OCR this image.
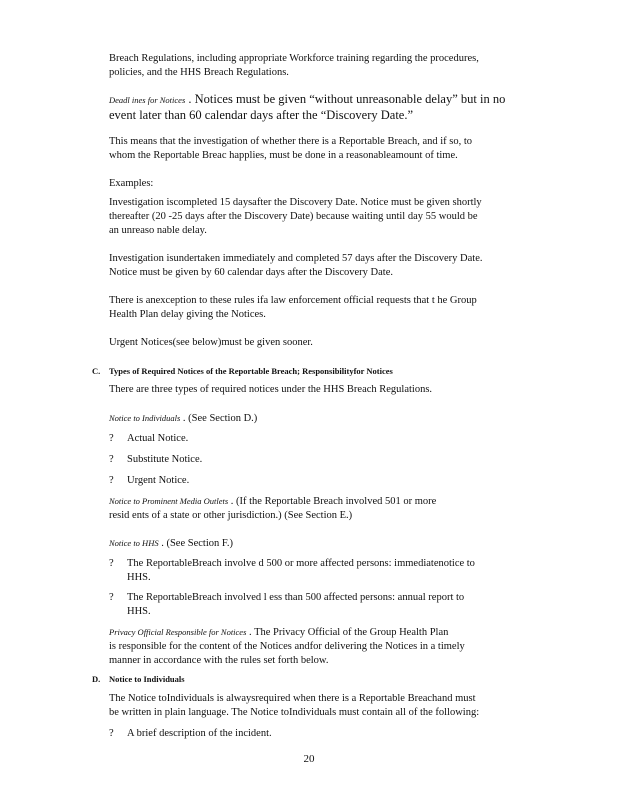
Breach Regulations, including appropriate Workforce training regarding the procedures,
policies, and the HHS Breach Regulations.

Deadl ines for Notices . Notices must be given “without unreasonable delay” but in no
event later than 60 calendar days after the “Discovery Date.”

This means that the investigation of whether there is a Reportable Breach, and if so, to
whom the Reportable Breac happlies, must be done in a reasonableamount of time.

Examples:

Investigation iscompleted 15 daysafter the Discovery Date. Notice must be given shortly
thereafter (20 -25 days after the Discovery Date) because waiting until day 55 would be
an unreaso nable delay.

Investigation isundertaken immediately and completed 57 days after the Discovery Date.
Notice must be given by 60 calendar days after the Discovery Date.

There is anexception to these rules ifa law enforcement official requests that t he Group
Health Plan delay giving the Notices.

Urgent Notices(see below)must be given sooner.

C. Types of Required Notices of the Reportable Breach; Responsibilityfor Notices

There are three types of required notices under the HHS Breach Regulations.

Notice to Individuals . (See Section D.)

? Actual Notice.
? Substitute Notice.
? Urgent Notice.

Notice to Prominent Media Outlets . (If the Reportable Breach involved 501 or more
resid ents of a state or other jurisdiction.) (See Section E.)

Notice to HHS . (See Section F.)

? The ReportableBreach involve d 500 or more affected persons: immediatenotice to
HHS.
? The ReportableBreach involved l ess than 500 affected persons: annual report to
HHS.

Privacy Official Responsible for Notices . The Privacy Official of the Group Health Plan
is responsible for the content of the Notices andfor delivering the Notices in a timely
manner in accordance with the rules set forth below.

D. Notice to Individuals

The Notice toIndividuals is alwaysrequired when there is a Reportable Breachand must
be written in plain language. The Notice toIndividuals must contain all of the following:

? A brief description of the incident.
20
